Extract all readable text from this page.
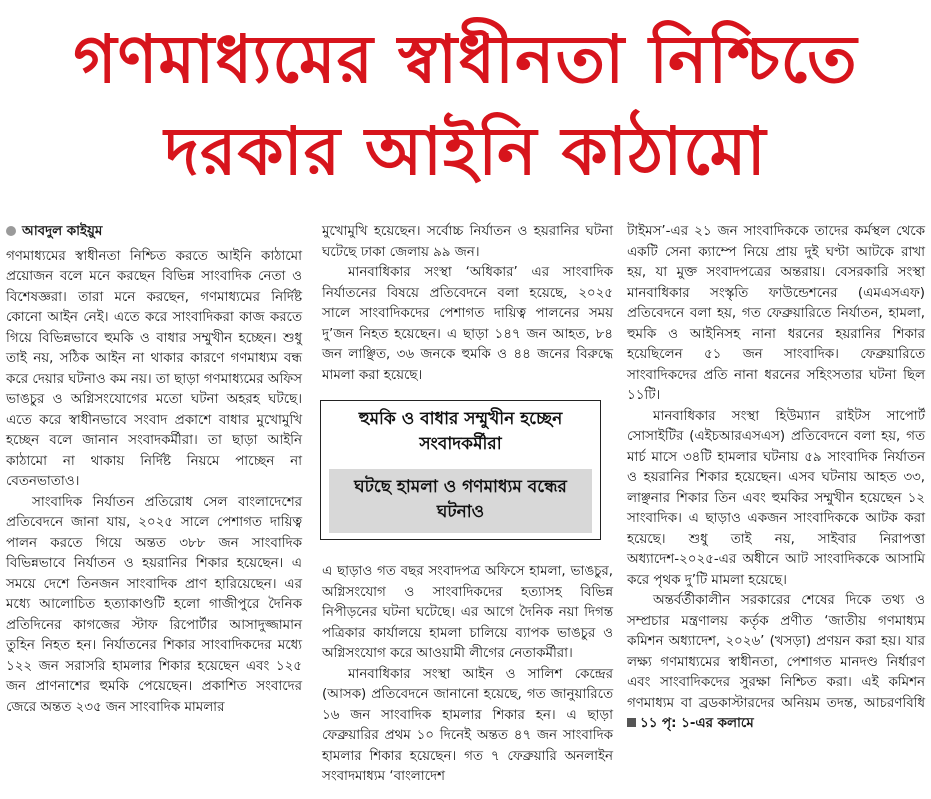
গণমাধ্যমের স্বাধীনতা নিশ্চিতে
দরকার আইনি কাঠামো

আবদুল কাইয়ুম

গণমাধ্যমের স্বাধীনতা নিশ্চিত করতে আইনি কাঠামো প্রয়োজন বলে মনে করছেন বিভিন্ন সাংবাদিক নেতা ও বিশেষজ্ঞরা। তারা মনে করছেন, গণমাধ্যমের নির্দিষ্ট কোনো আইন নেই। এতে করে সাংবাদিকরা কাজ করতে গিয়ে বিভিন্নভাবে হুমকি ও বাধার সম্মুখীন হচ্ছেন। শুধু তাই নয়, সঠিক আইন না থাকার কারণে গণমাধ্যম বন্ধ করে দেয়ার ঘটনাও কম নয়। তা ছাড়া গণমাধ্যমের অফিস ভাঙচুর ও অগ্নিসংযোগের মতো ঘটনা অহরহ ঘটছে। এতে করে স্বাধীনভাবে সংবাদ প্রকাশে বাধার মুখোমুখি হচ্ছেন বলে জানান সংবাদকর্মীরা। তা ছাড়া আইনি কাঠামো না থাকায় নির্দিষ্ট নিয়মে পাচ্ছেন না বেতনভাতাও।

সাংবাদিক নির্যাতন প্রতিরোধ সেল বাংলাদেশের প্রতিবেদনে জানা যায়, ২০২৫ সালে পেশাগত দায়িত্ব পালন করতে গিয়ে অন্তত ৩৮৮ জন সাংবাদিক বিভিন্নভাবে নির্যাতন ও হয়রানির শিকার হয়েছেন। এ সময়ে দেশে তিনজন সাংবাদিক প্রাণ হারিয়েছেন। এর মধ্যে আলোচিত হত্যাকাণ্ডটি হলো গাজীপুরে দৈনিক প্রতিদিনের কাগজের স্টাফ রিপোর্টার আসাদুজ্জামান তুহিন নিহত হন। নির্যাতনের শিকার সাংবাদিকদের মধ্যে ১২২ জন সরাসরি হামলার শিকার হয়েছেন এবং ১২৫ জন প্রাণনাশের হুমকি পেয়েছেন। প্রকাশিত সংবাদের জেরে অন্তত ২৩৫ জন সাংবাদিক মামলার

মুখোমুখি হয়েছেন। সর্বোচ্চ নির্যাতন ও হয়রানির ঘটনা ঘটেছে ঢাকা জেলায় ৯৯ জন।

মানবাধিকার সংস্থা ‘অধিকার’ এর সাংবাদিক নির্যাতনের বিষয়ে প্রতিবেদনে বলা হয়েছে, ২০২৫ সালে সাংবাদিকদের পেশাগত দায়িত্ব পালনের সময় দু’জন নিহত হয়েছেন। এ ছাড়া ১৪৭ জন আহত, ৮৪ জন লাঞ্ছিত, ৩৬ জনকে হুমকি ও ৪৪ জনের বিরুদ্ধে মামলা করা হয়েছে।

এ ছাড়াও গত বছর সংবাদপত্র অফিসে হামলা, ভাঙচুর, অগ্নিসংযোগ ও সাংবাদিকদের হত্যাসহ বিভিন্ন নিপীড়নের ঘটনা ঘটেছে। এর আগে দৈনিক নয়া দিগন্ত পত্রিকার কার্যালয়ে হামলা চালিয়ে ব্যাপক ভাঙচুর ও অগ্নিসংযোগ করে আওয়ামী লীগের নেতাকর্মীরা।

মানবাধিকার সংস্থা আইন ও সালিশ কেন্দ্রের (আসক) প্রতিবেদনে জানানো হয়েছে, গত জানুয়ারিতে ১৬ জন সাংবাদিক হামলার শিকার হন। এ ছাড়া ফেব্রুয়ারির প্রথম ১০ দিনেই অন্তত ৪৭ জন সাংবাদিক হামলার শিকার হয়েছেন। গত ৭ ফেব্রুয়ারি অনলাইন সংবাদমাধ্যম ‘বাংলাদেশ

হুমকি ও বাধার সম্মুখীন হচ্ছেন সংবাদকর্মীরা
ঘটছে হামলা ও গণমাধ্যম বন্ধের ঘটনাও

টাইমস’-এর ২১ জন সাংবাদিককে তাদের কর্মস্থল থেকে একটি সেনা ক্যাম্পে নিয়ে প্রায় দুই ঘণ্টা আটকে রাখা হয়, যা মুক্ত সংবাদপত্রের অন্তরায়। বেসরকারি সংস্থা মানবাধিকার সংস্কৃতি ফাউন্ডেশনের (এমএসএফ) প্রতিবেদনে বলা হয়, গত ফেব্রুয়ারিতে নির্যাতন, হামলা, হুমকি ও আইনিসহ নানা ধরনের হয়রানির শিকার হয়েছিলেন ৫১ জন সাংবাদিক। ফেব্রুয়ারিতে সাংবাদিকদের প্রতি নানা ধরনের সহিংসতার ঘটনা ছিল ১১টি।

মানবাধিকার সংস্থা হিউম্যান রাইটস সাপোর্ট সোসাইটির (এইচআরএসএস) প্রতিবেদনে বলা হয়, গত মার্চ মাসে ৩৪টি হামলার ঘটনায় ৫৯ সাংবাদিক নির্যাতন ও হয়রানির শিকার হয়েছেন। এসব ঘটনায় আহত ৩৩, লাঞ্ছনার শিকার তিন এবং হুমকির সম্মুখীন হয়েছেন ১২ সাংবাদিক। এ ছাড়াও একজন সাংবাদিককে আটক করা হয়েছে। শুধু তাই নয়, সাইবার নিরাপত্তা অধ্যাদেশ-২০২৫-এর অধীনে আট সাংবাদিককে আসামি করে পৃথক দু’টি মামলা হয়েছে।

অন্তর্বর্তীকালীন সরকারের শেষের দিকে তথ্য ও সম্প্রচার মন্ত্রণালয় কর্তৃক প্রণীত ‘জাতীয় গণমাধ্যম কমিশন অধ্যাদেশ, ২০২৬’ (খসড়া) প্রণয়ন করা হয়। যার লক্ষ্য গণমাধ্যমের স্বাধীনতা, পেশাগত মানদণ্ড নির্ধারণ এবং সাংবাদিকদের সুরক্ষা নিশ্চিত করা। এই কমিশন গণমাধ্যম বা ব্রডকাস্টারদের অনিয়ম তদন্ত, আচরণবিধি ১১ পৃ: ১-এর কলামে
